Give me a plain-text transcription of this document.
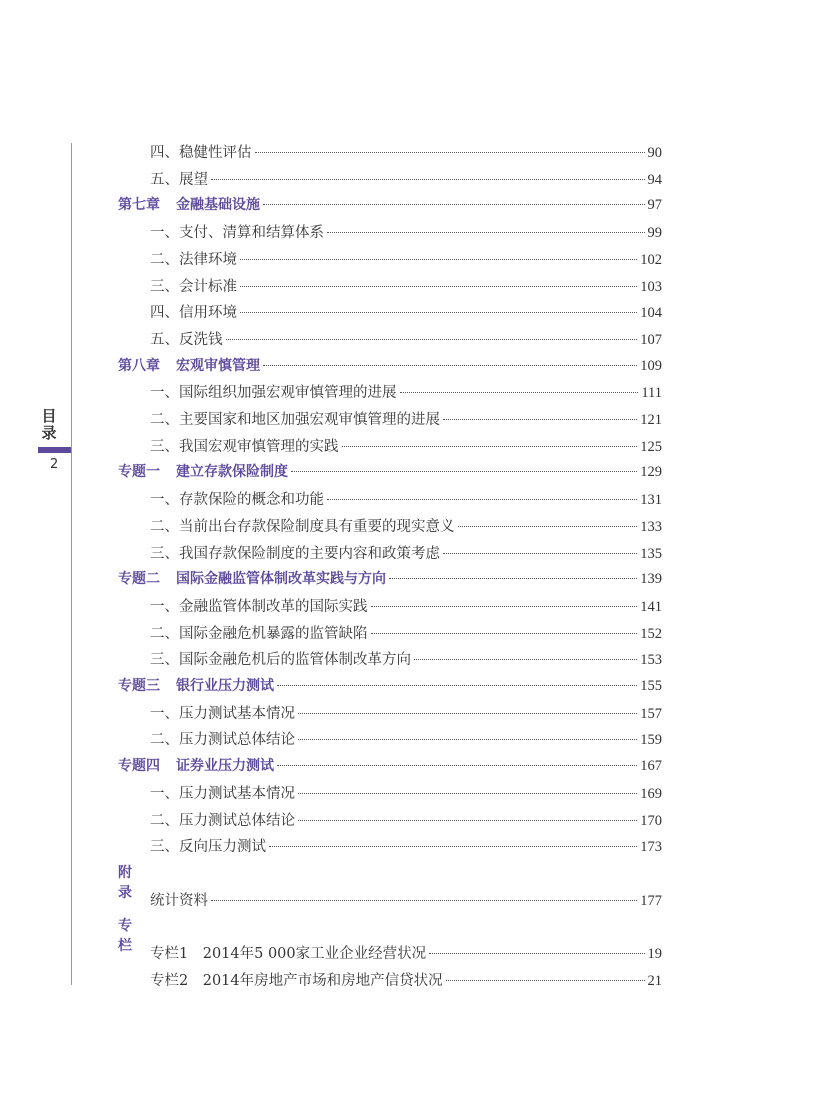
目
录
2
四、稳健性评估	90
五、展望	94
第七章 金融基础设施	97
一、支付、清算和结算体系	99
二、法律环境	102
三、会计标准	103
四、信用环境	104
五、反洗钱	107
第八章 宏观审慎管理	109
一、国际组织加强宏观审慎管理的进展	111
二、主要国家和地区加强宏观审慎管理的进展	121
三、我国宏观审慎管理的实践	125
专题一 建立存款保险制度	129
一、存款保险的概念和功能	131
二、当前出台存款保险制度具有重要的现实意义	133
三、我国存款保险制度的主要内容和政策考虑	135
专题二 国际金融监管体制改革实践与方向	139
一、金融监管体制改革的国际实践	141
二、国际金融危机暴露的监管缺陷	152
三、国际金融危机后的监管体制改革方向	153
专题三 银行业压力测试	155
一、压力测试基本情况	157
二、压力测试总体结论	159
专题四 证券业压力测试	167
一、压力测试基本情况	169
二、压力测试总体结论	170
三、反向压力测试	173
附录 统计资料	177
专栏 专栏1　2014年5 000家工业企业经营状况	19
专栏2　2014年房地产市场和房地产信贷状况	21
